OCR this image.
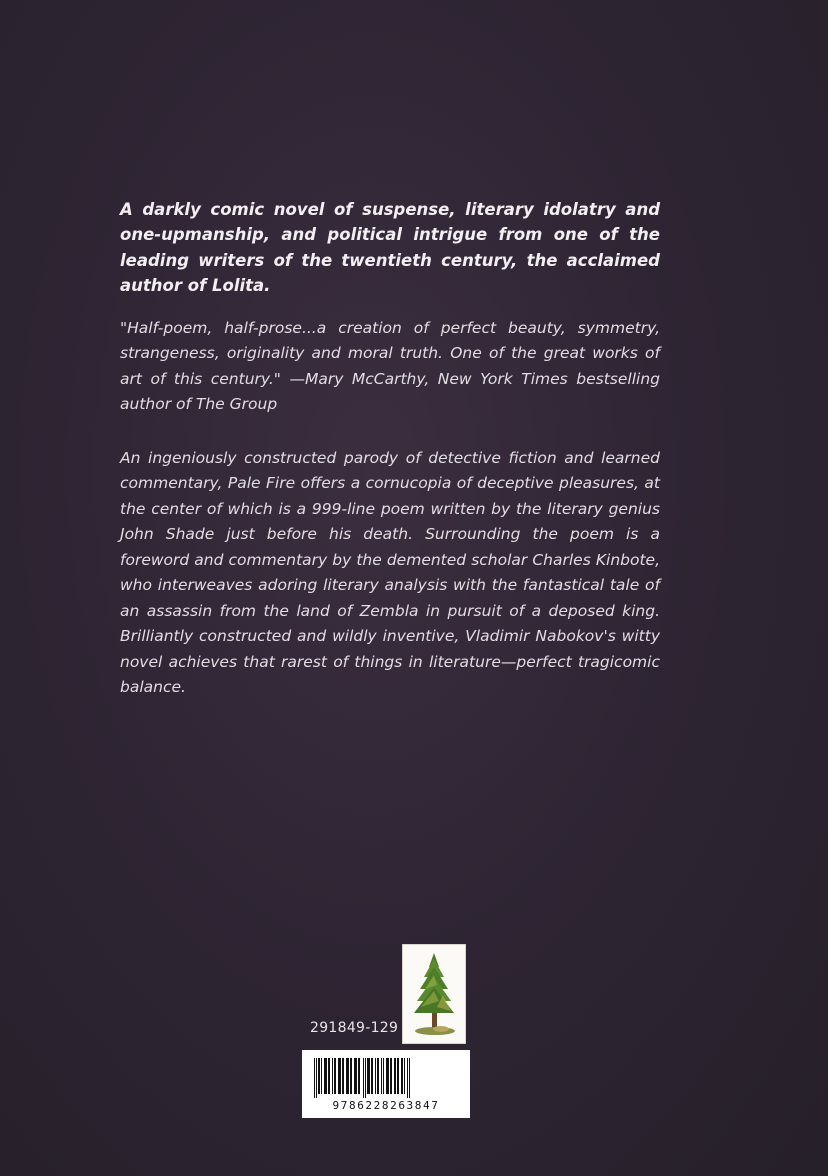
A darkly comic novel of suspense, literary idolatry and one-upmanship, and political intrigue from one of the leading writers of the twentieth century, the acclaimed author of Lolita.

"Half-poem, half-prose...a creation of perfect beauty, symmetry, strangeness, originality and moral truth. One of the great works of art of this century." —Mary McCarthy, New York Times bestselling author of The Group

An ingeniously constructed parody of detective fiction and learned commentary, Pale Fire offers a cornucopia of deceptive pleasures, at the center of which is a 999-line poem written by the literary genius John Shade just before his death. Surrounding the poem is a foreword and commentary by the demented scholar Charles Kinbote, who interweaves adoring literary analysis with the fantastical tale of an assassin from the land of Zembla in pursuit of a deposed king. Brilliantly constructed and wildly inventive, Vladimir Nabokov's witty novel achieves that rarest of things in literature—perfect tragicomic balance.

291849-129
9786228263847
